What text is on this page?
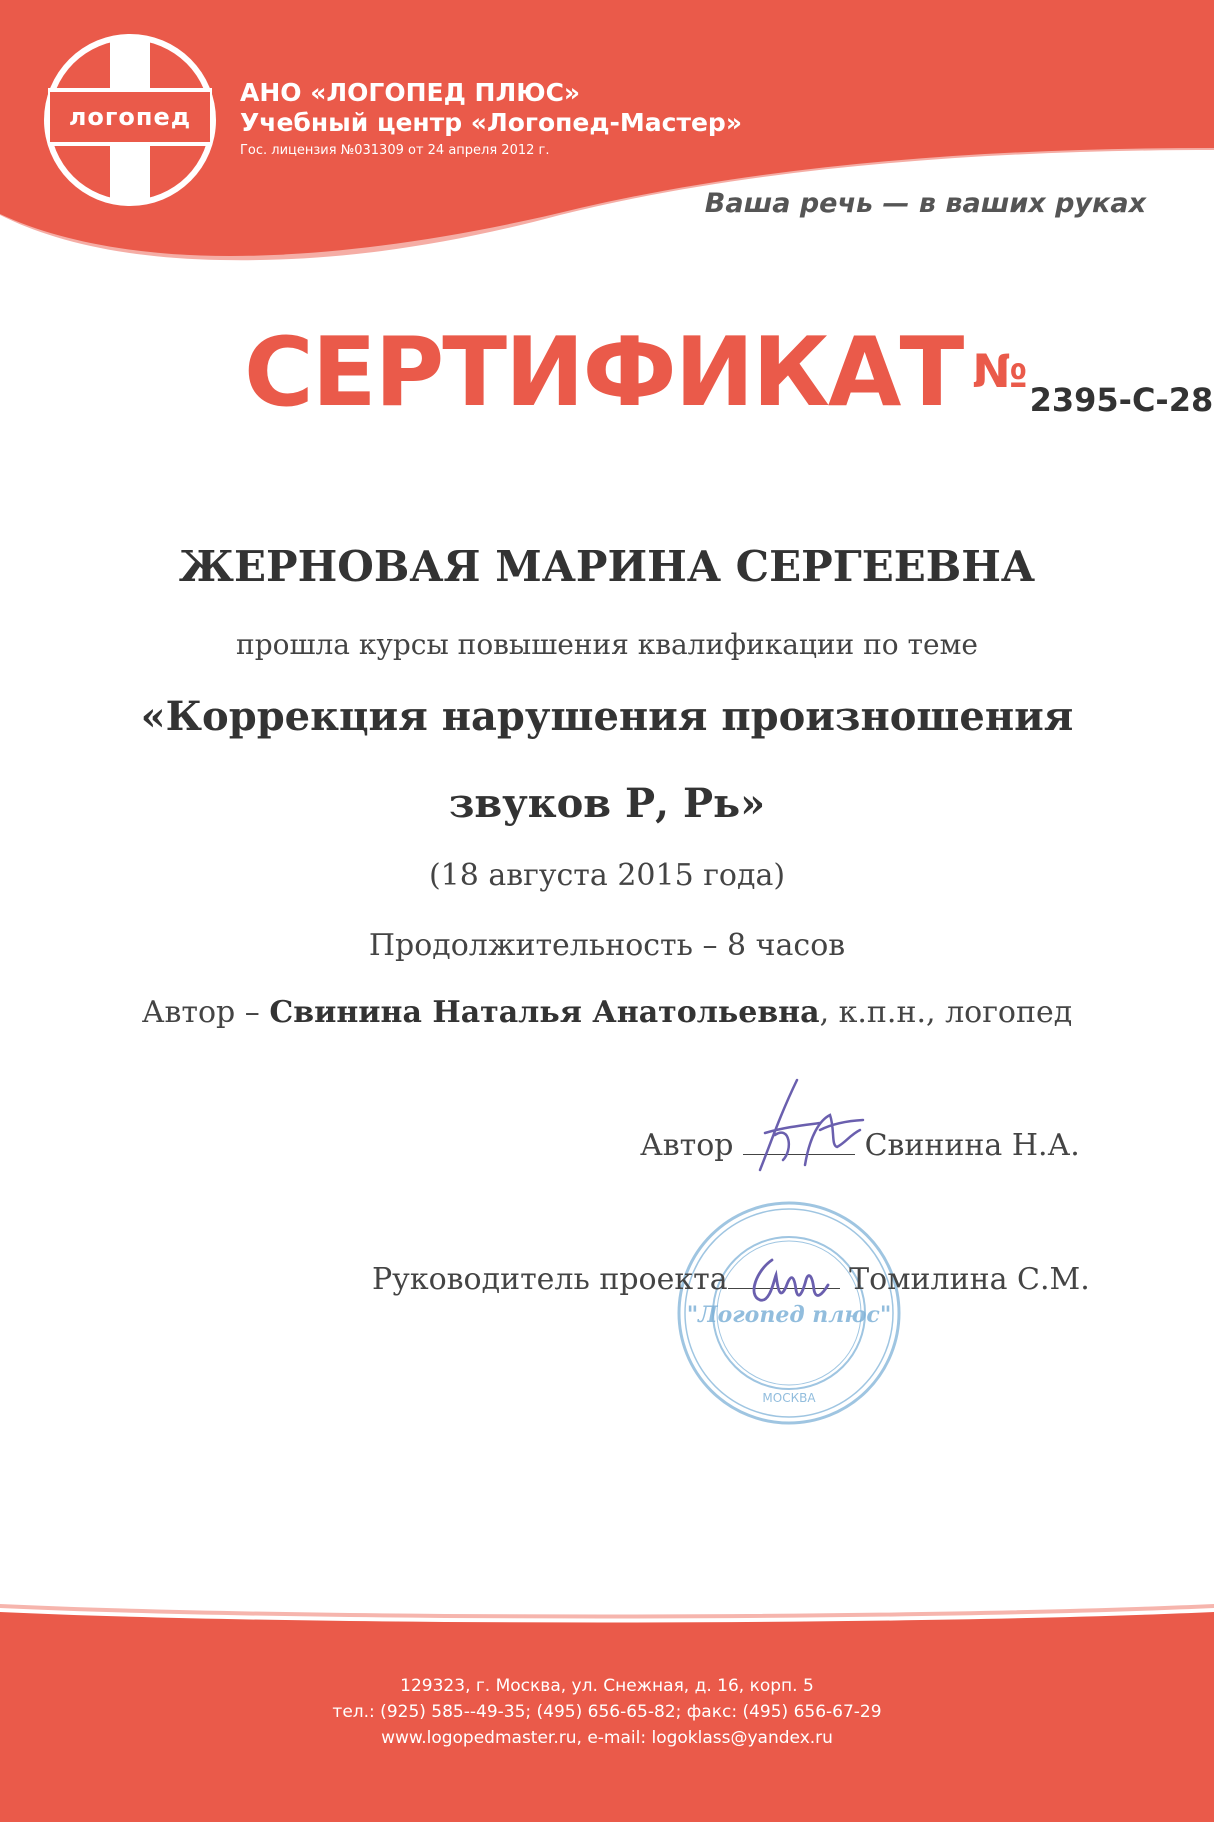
логопед
АНО «ЛОГОПЕД ПЛЮС»
Учебный центр «Логопед-Мастер»
Гос. лицензия №031309 от 24 апреля 2012 г.
Ваша речь — в ваших руках
СЕРТИФИКАТ №2395-С-28
ЖЕРНОВАЯ МАРИНА СЕРГЕЕВНА
прошла курсы повышения квалификации по теме
«Коррекция нарушения произношения
звуков Р, Рь»
(18 августа 2015 года)
Продолжительность – 8 часов
Автор – Свинина Наталья Анатольевна, к.п.н., логопед
"Логопед плюс"
МОСКВА
Автор	Свинина Н.А.
Руководитель проекта	Томилина С.М.
129323, г. Москва, ул. Снежная, д. 16, корп. 5
тел.: (925) 585--49-35; (495) 656-65-82; факс: (495) 656-67-29
www.logopedmaster.ru, e-mail: logoklass@yandex.ru
